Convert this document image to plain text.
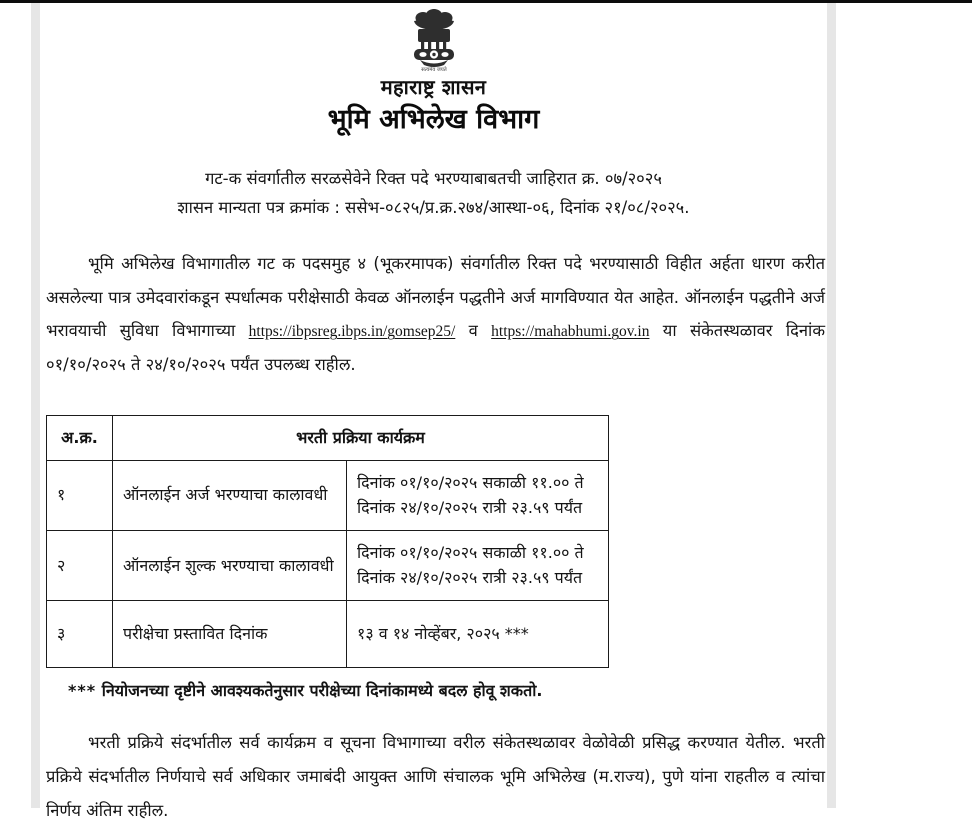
सत्यमेव जयते
महाराष्ट्र शासन
भूमि अभिलेख विभाग
गट-क संवर्गातील सरळसेवेने रिक्त पदे भरण्याबाबतची जाहिरात क्र. ०७/२०२५
शासन मान्यता पत्र क्रमांक : ससेभ-०८२५/प्र.क्र.२७४/आस्था-०६, दिनांक २१/०८/२०२५.

भूमि अभिलेख विभागातील गट क पदसमुह ४ (भूकरमापक) संवर्गातील रिक्त पदे भरण्यासाठी विहीत अर्हता धारण करीत असलेल्या पात्र उमेदवारांकडून स्पर्धात्मक परीक्षेसाठी केवळ ऑनलाईन पद्धतीने अर्ज मागविण्यात येत आहेत. ऑनलाईन पद्धतीने अर्ज भरावयाची सुविधा विभागाच्या https://ibpsreg.ibps.in/gomsep25/ व https://mahabhumi.gov.in या संकेतस्थळावर दिनांक ०१/१०/२०२५ ते २४/१०/२०२५ पर्यंत उपलब्ध राहील.

अ.क्र.	भरती प्रक्रिया कार्यक्रम	
१	ऑनलाईन अर्ज भरण्याचा कालावधी	दिनांक ०१/१०/२०२५ सकाळी ११.०० ते
दिनांक २४/१०/२०२५ रात्री २३.५९ पर्यंत

२	ऑनलाईन शुल्क भरण्याचा कालावधी	दिनांक ०१/१०/२०२५ सकाळी ११.०० ते
दिनांक २४/१०/२०२५ रात्री २३.५९ पर्यंत

३	परीक्षेचा प्रस्तावित दिनांक	१३ व १४ नोव्हेंबर, २०२५ ***
*** नियोजनच्या दृष्टीने आवश्यकतेनुसार परीक्षेच्या दिनांकामध्ये बदल होवू शकतो.

भरती प्रक्रिये संदर्भातील सर्व कार्यक्रम व सूचना विभागाच्या वरील संकेतस्थळावर वेळोवेळी प्रसिद्ध करण्यात येतील. भरती प्रक्रिये संदर्भातील निर्णयाचे सर्व अधिकार जमाबंदी आयुक्त आणि संचालक भूमि अभिलेख (म.राज्य), पुणे यांना राहतील व त्यांचा निर्णय अंतिम राहील.
